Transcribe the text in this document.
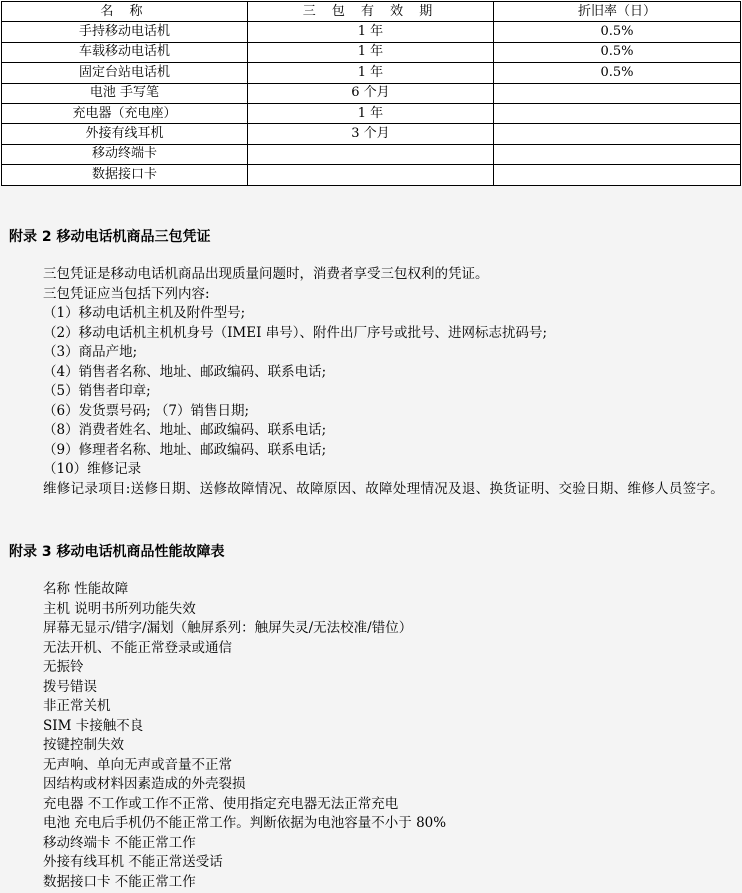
名 称	三 包 有 效 期	折旧率（日）
手持移动电话机	1 年	0.5%
车载移动电话机	1 年	0.5%
固定台站电话机	1 年	0.5%
电池 手写笔	6 个月	
充电器（充电座）	1 年	
外接有线耳机	3 个月	
移动终端卡		
数据接口卡		
附录 2 移动电话机商品三包凭证
三包凭证是移动电话机商品出现质量问题时，消费者享受三包权利的凭证。
三包凭证应当包括下列内容:
（1）移动电话机主机及附件型号;
（2）移动电话机主机机身号（IMEI 串号）、附件出厂序号或批号、进网标志扰码号;
（3）商品产地;
（4）销售者名称、地址、邮政编码、联系电话;
（5）销售者印章;
（6）发货票号码; （7）销售日期;
（8）消费者姓名、地址、邮政编码、联系电话;
（9）修理者名称、地址、邮政编码、联系电话;
（10）维修记录
维修记录项目:送修日期、送修故障情况、故障原因、故障处理情况及退、换货证明、交验日期、维修人员签字。
附录 3 移动电话机商品性能故障表
名称 性能故障
主机 说明书所列功能失效
屏幕无显示/错字/漏划（触屏系列：触屏失灵/无法校准/错位）
无法开机、不能正常登录或通信
无振铃
拨号错误
非正常关机
SIM 卡接触不良
按键控制失效
无声响、单向无声或音量不正常
因结构或材料因素造成的外壳裂损
充电器 不工作或工作不正常、使用指定充电器无法正常充电
电池 充电后手机仍不能正常工作。判断依据为电池容量不小于 80%
移动终端卡 不能正常工作
外接有线耳机 不能正常送受话
数据接口卡 不能正常工作
